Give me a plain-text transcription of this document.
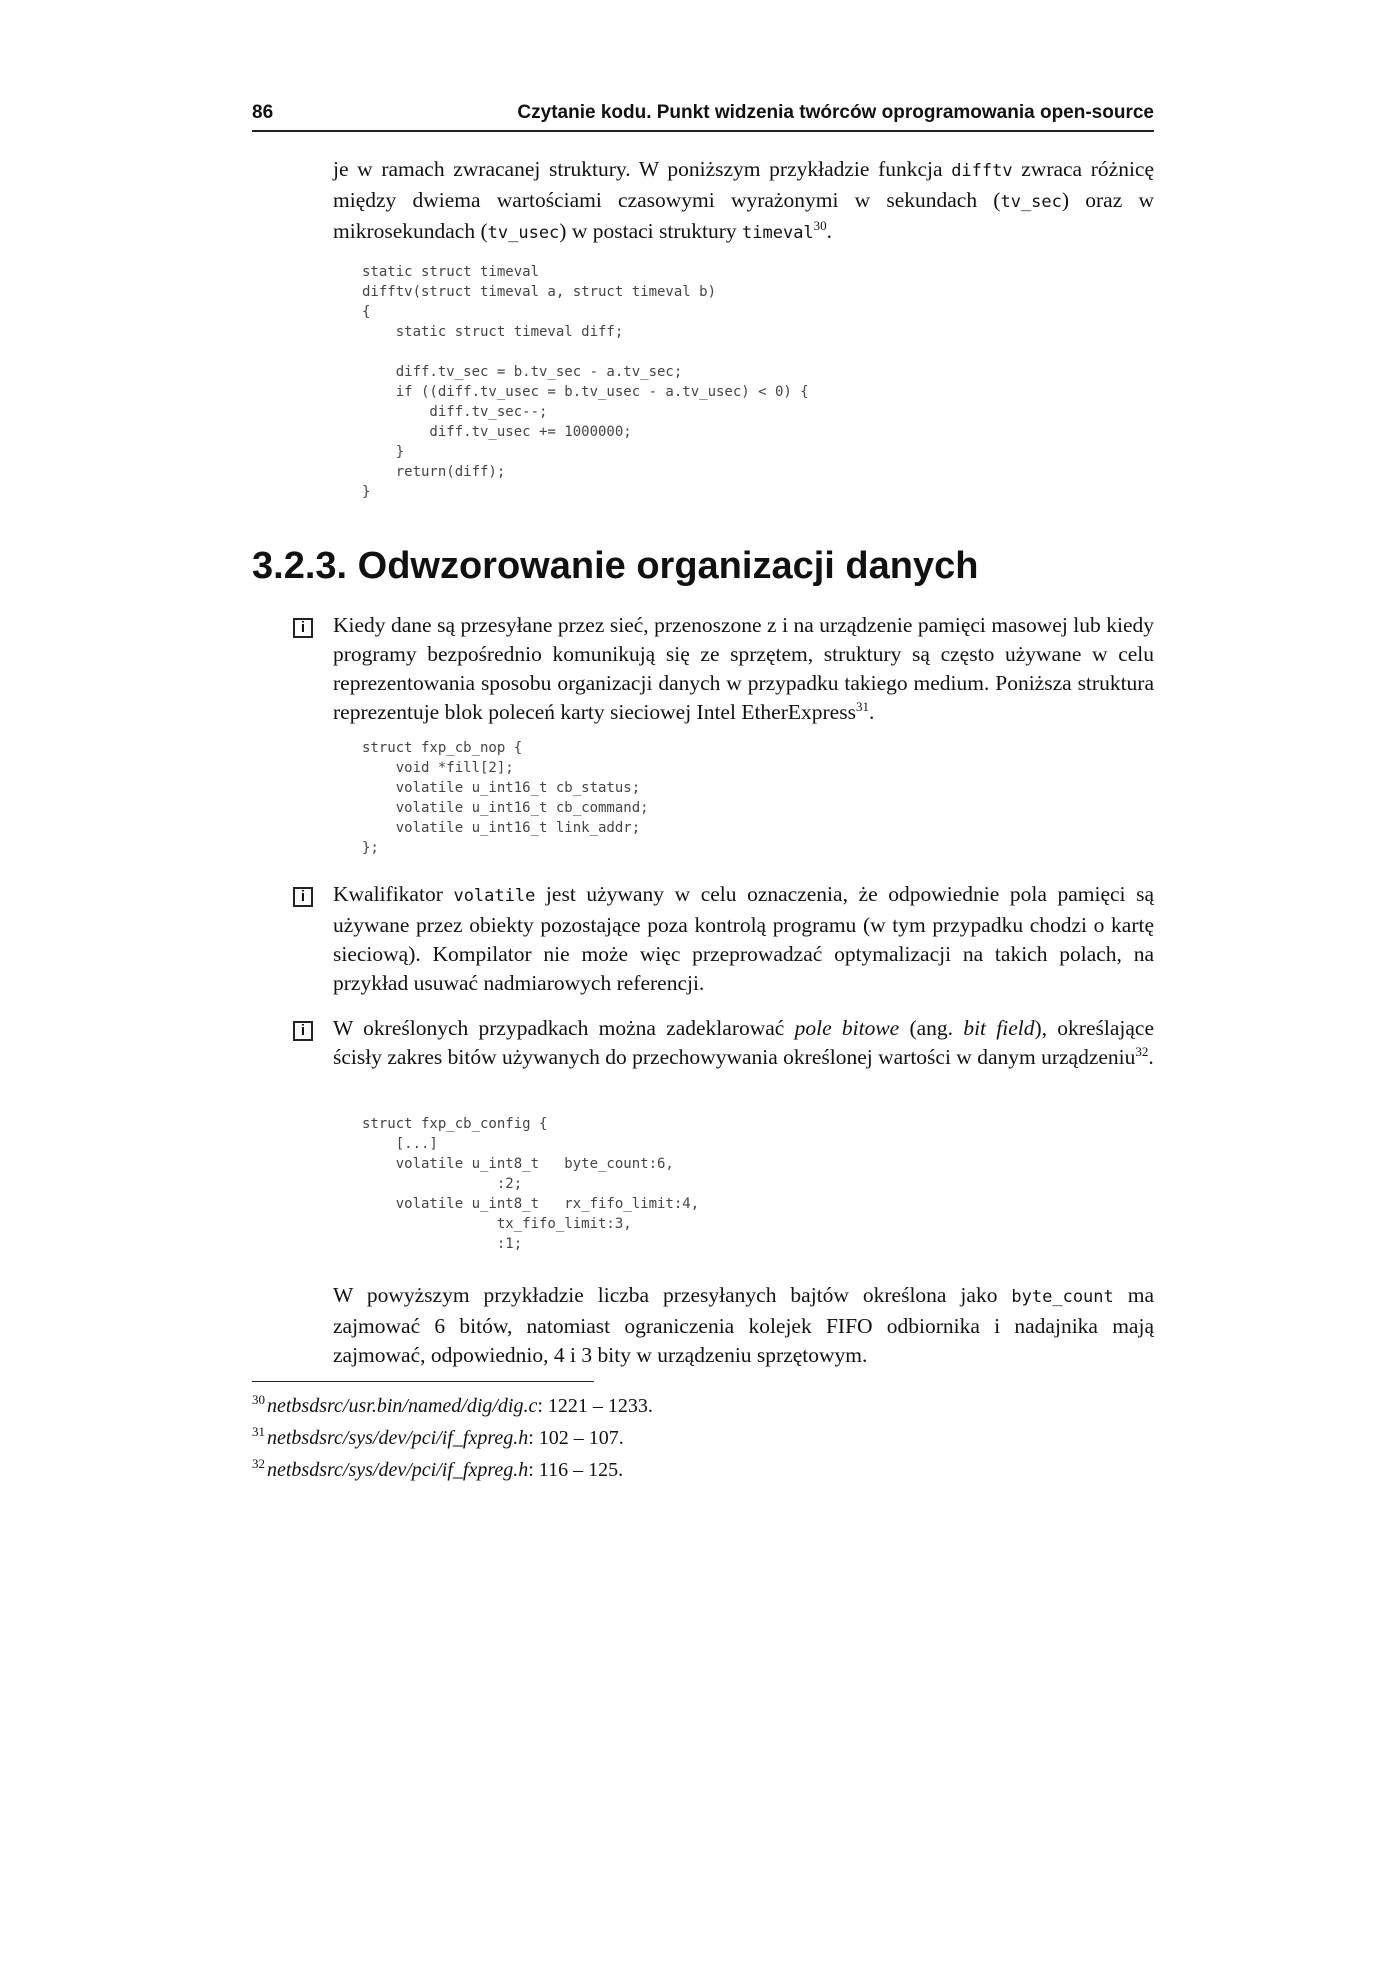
86	Czytanie kodu. Punkt widzenia twórców oprogramowania open-source

je w ramach zwracanej struktury. W poniższym przykładzie funkcja difftv zwraca różnicę między dwiema wartościami czasowymi wyrażonymi w sekundach (tv_sec) oraz w mikrosekundach (tv_usec) w postaci struktury timeval$^{30}$.

static struct timeval
difftv(struct timeval a, struct timeval b)
{
static struct timeval diff;

diff.tv_sec = b.tv_sec - a.tv_sec;
if ((diff.tv_usec = b.tv_usec - a.tv_usec) < 0) {
diff.tv_sec--;
diff.tv_usec += 1000000;
}
return(diff);
}
3.2.3. Odwzorowanie organizacji danych
i	Kiedy dane są przesyłane przez sieć, przenoszone z i na urządzenie pamięci masowej lub kiedy programy bezpośrednio komunikują się ze sprzętem, struktury są często używane w celu reprezentowania sposobu organizacji danych w przypadku takiego medium. Poniższa struktura reprezentuje blok poleceń karty sieciowej Intel EtherExpress$^{31}$.

struct fxp_cb_nop {
void *fill[2];
volatile u_int16_t cb_status;
volatile u_int16_t cb_command;
volatile u_int16_t link_addr;
};
i	Kwalifikator volatile jest używany w celu oznaczenia, że odpowiednie pola pamięci są używane przez obiekty pozostające poza kontrolą programu (w tym przypadku chodzi o kartę sieciową). Kompilator nie może więc przeprowadzać optymalizacji na takich polach, na przykład usuwać nadmiarowych referencji.

i	W określonych przypadkach można zadeklarować pole bitowe (ang. bit field), określające ścisły zakres bitów używanych do przechowywania określonej wartości w danym urządzeniu$^{32}$.

struct fxp_cb_config {
[...]
volatile u_int8_t   byte_count:6,
:2;
volatile u_int8_t   rx_fifo_limit:4,
tx_fifo_limit:3,
:1;

W powyższym przykładzie liczba przesyłanych bajtów określona jako byte_count ma zajmować 6 bitów, natomiast ograniczenia kolejek FIFO odbiornika i nadajnika mają zajmować, odpowiednio, 4 i 3 bity w urządzeniu sprzętowym.

$^{30}$ netbsdsrc/usr.bin/named/dig/dig.c: 1221 – 1233.
$^{31}$ netbsdsrc/sys/dev/pci/if_fxpreg.h: 102 – 107.
$^{32}$ netbsdsrc/sys/dev/pci/if_fxpreg.h: 116 – 125.
